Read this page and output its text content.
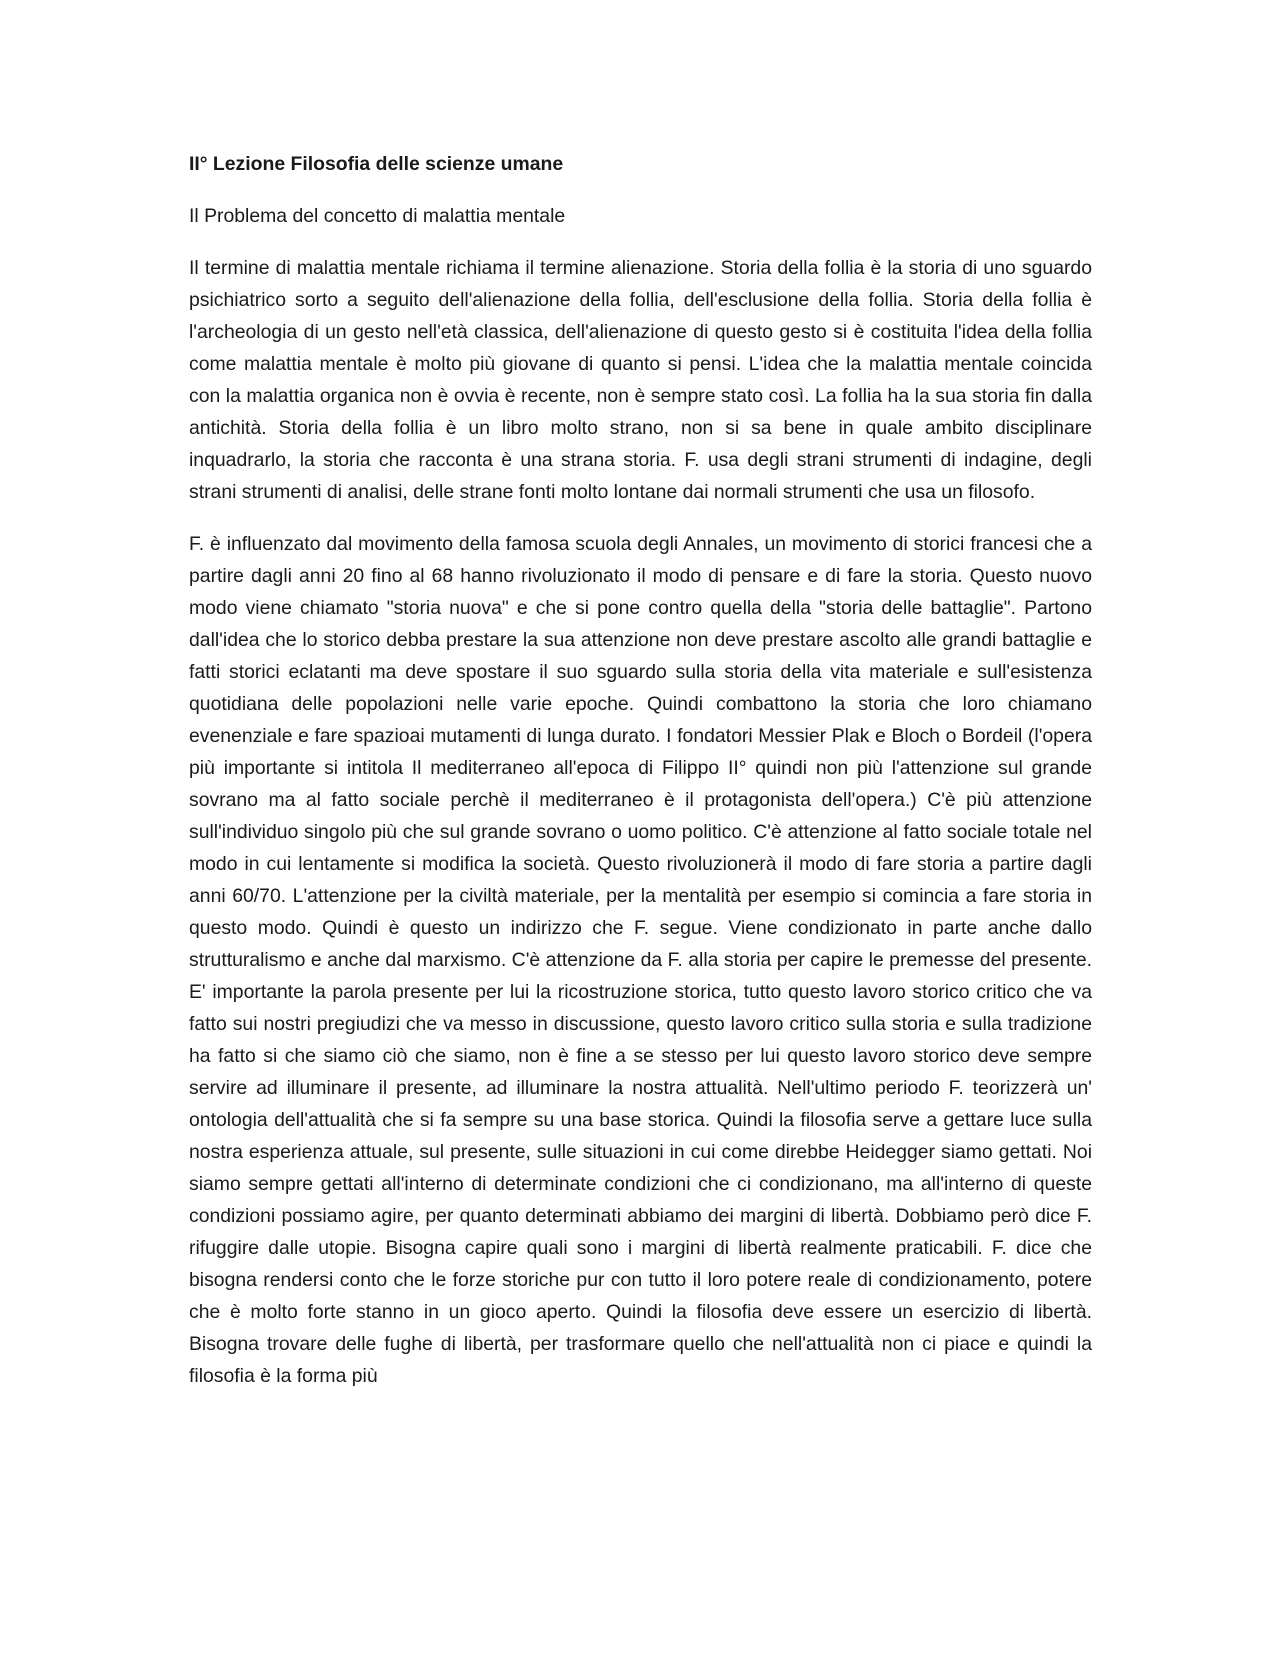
II° Lezione Filosofia delle scienze umane
Il Problema del concetto di malattia mentale

Il termine di malattia mentale richiama il termine alienazione. Storia della follia è la storia di uno sguardo psichiatrico sorto a seguito dell'alienazione della follia, dell'esclusione della follia. Storia della follia è l'archeologia di un gesto nell'età classica, dell'alienazione di questo gesto si è costituita l'idea della follia come malattia mentale è molto più giovane di quanto si pensi. L'idea che la malattia mentale coincida con la malattia organica non è ovvia è recente, non è sempre stato così. La follia ha la sua storia fin dalla antichità. Storia della follia è un libro molto strano, non si sa bene in quale ambito disciplinare inquadrarlo, la storia che racconta è una strana storia. F. usa degli strani strumenti di indagine, degli strani strumenti di analisi, delle strane fonti molto lontane dai normali strumenti che usa un filosofo.

F. è influenzato dal movimento della famosa scuola degli Annales, un movimento di storici francesi che a partire dagli anni 20 fino al 68 hanno rivoluzionato il modo di pensare e di fare la storia. Questo nuovo modo viene chiamato "storia nuova" e che si pone contro quella della "storia delle battaglie". Partono dall'idea che lo storico debba prestare la sua attenzione non deve prestare ascolto alle grandi battaglie e fatti storici eclatanti ma deve spostare il suo sguardo sulla storia della vita materiale e sull'esistenza quotidiana delle popolazioni nelle varie epoche. Quindi combattono la storia che loro chiamano evenenziale e fare spazioai mutamenti di lunga durato. I fondatori Messier Plak e Bloch o Bordeil (l'opera più importante si intitola Il mediterraneo all'epoca di Filippo II° quindi non più l'attenzione sul grande sovrano ma al fatto sociale perchè il mediterraneo è il protagonista dell'opera.) C'è più attenzione sull'individuo singolo più che sul grande sovrano o uomo politico. C'è attenzione al fatto sociale totale nel modo in cui lentamente si modifica la società. Questo rivoluzionerà il modo di fare storia a partire dagli anni 60/70. L'attenzione per la civiltà materiale, per la mentalità per esempio si comincia a fare storia in questo modo. Quindi è questo un indirizzo che F. segue. Viene condizionato in parte anche dallo strutturalismo e anche dal marxismo. C'è attenzione da F. alla storia per capire le premesse del presente. E' importante la parola presente per lui la ricostruzione storica, tutto questo lavoro storico critico che va fatto sui nostri pregiudizi che va messo in discussione, questo lavoro critico sulla storia e sulla tradizione ha fatto si che siamo ciò che siamo, non è fine a se stesso per lui questo lavoro storico deve sempre servire ad illuminare il presente, ad illuminare la nostra attualità. Nell'ultimo periodo F. teorizzerà un' ontologia dell'attualità che si fa sempre su una base storica. Quindi la filosofia serve a gettare luce sulla nostra esperienza attuale, sul presente, sulle situazioni in cui come direbbe Heidegger siamo gettati. Noi siamo sempre gettati all'interno di determinate condizioni che ci condizionano, ma all'interno di queste condizioni possiamo agire, per quanto determinati abbiamo dei margini di libertà. Dobbiamo però dice F. rifuggire dalle utopie. Bisogna capire quali sono i margini di libertà realmente praticabili. F. dice che bisogna rendersi conto che le forze storiche pur con tutto il loro potere reale di condizionamento, potere che è molto forte stanno in un gioco aperto. Quindi la filosofia deve essere un esercizio di libertà. Bisogna trovare delle fughe di libertà, per trasformare quello che nell'attualità non ci piace e quindi la filosofia è la forma più
